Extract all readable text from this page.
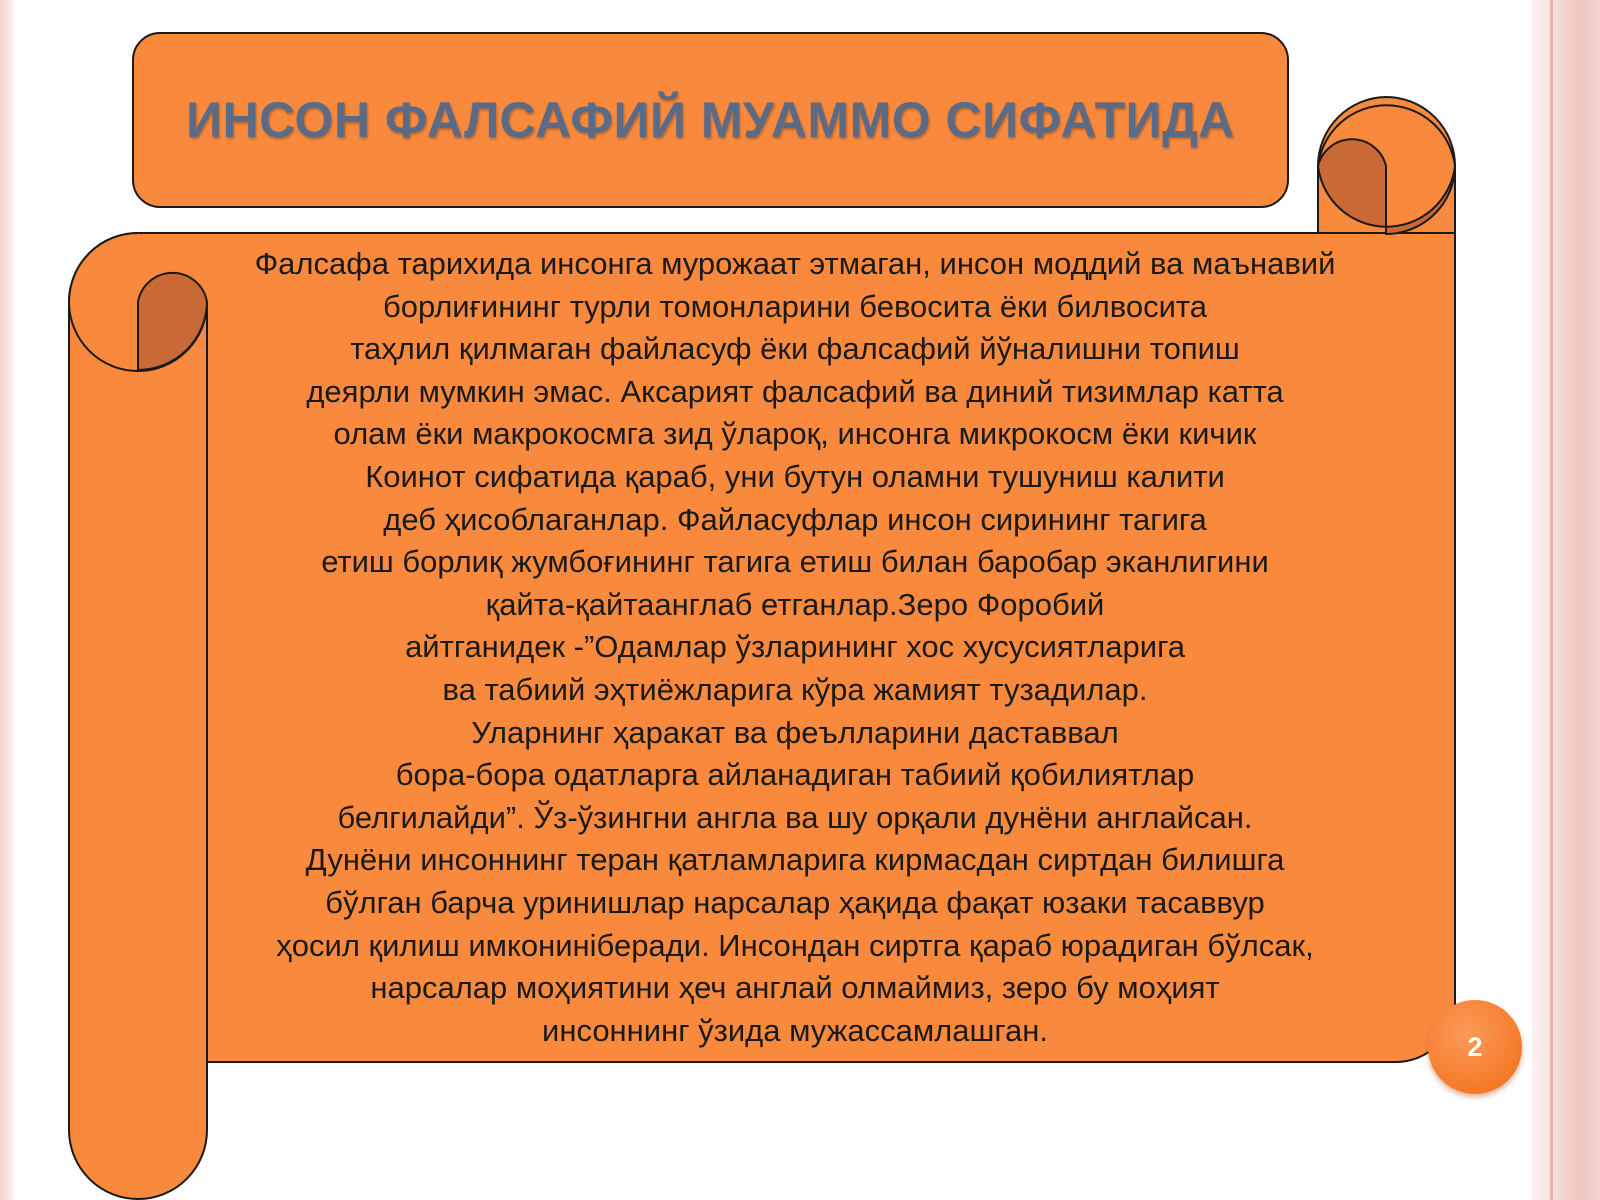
ИНСОН ФАЛСАФИЙ МУАММО СИФАТИДА
Фалсафа тарихида инсонга мурожаат этмаган, инсон моддий ва маънавий
борлиғининг турли томонларини бевосита ёки билвосита
таҳлил қилмаган файласуф ёки фалсафий йўналишни топиш
деярли мумкин эмас. Аксарият фалсафий ва диний тизимлар катта
олам ёки макрокосмга зид ўлароқ, инсонга микрокосм ёки кичик
Коинот сифатида қараб, уни бутун оламни тушуниш калити
деб ҳисоблаганлар. Файласуфлар инсон сирининг тагига
етиш борлиқ жумбоғининг тагига етиш билан баробар эканлигини
қайта-қайтаанглаб етганлар.Зеро Форобий
айтганидек -”Одамлар ўзларининг хос хусусиятларига
ва табиий эҳтиёжларига кўра жамият тузадилар.
Уларнинг ҳаракат ва феълларини даставвал
бора-бора одатларга айланадиган табиий қобилиятлар
белгилайди”. Ўз-ўзингни англа ва шу орқали дунёни англайсан.
Дунёни инсоннинг теран қатламларига кирмасдан сиртдан билишга
бўлган барча уринишлар нарсалар ҳақида фақат юзаки тасаввур
ҳосил қилиш имконинiберади. Инсондан сиртга қараб юрадиган бўлсак,
нарсалар моҳиятини ҳеч англай олмаймиз, зеро бу моҳият
инсоннинг ўзида мужассамлашган.	2
